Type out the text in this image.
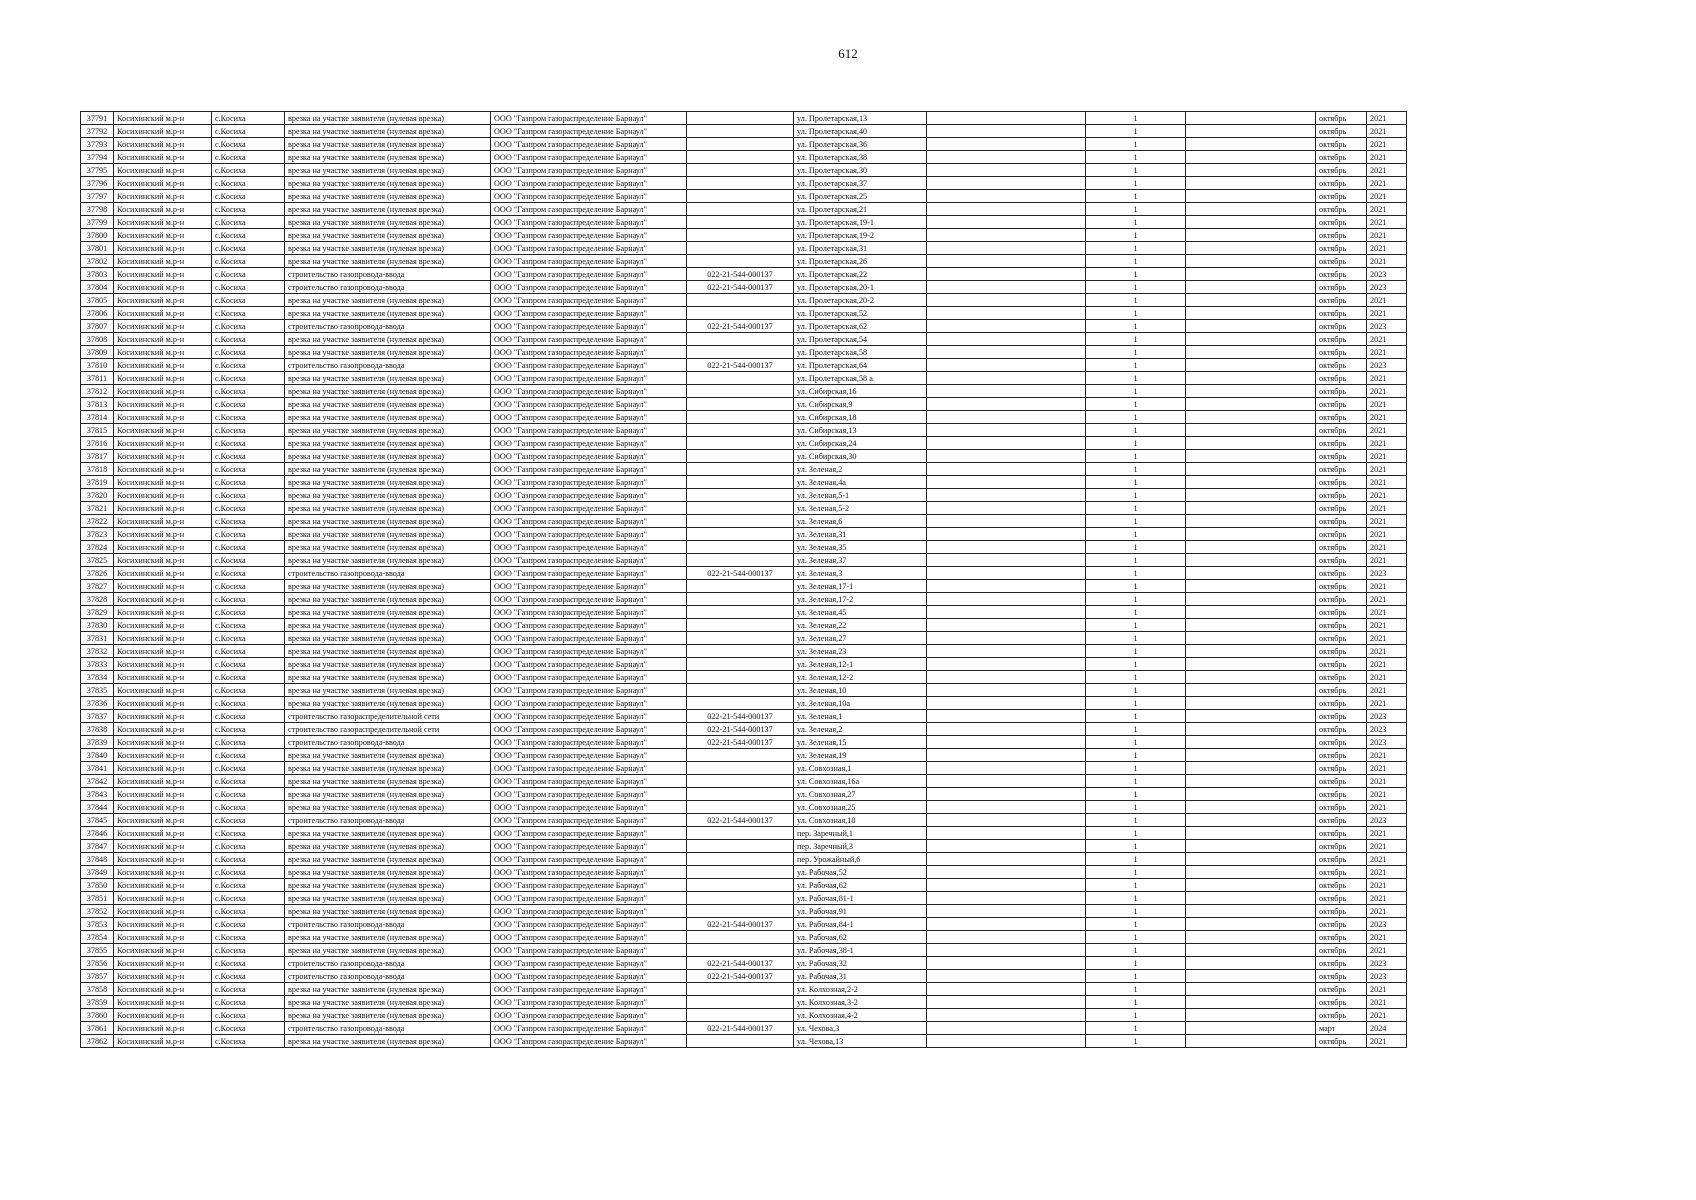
612
37791	Косихинский м.р-н	с.Косиха	врезка на участке заявителя (нулевая врезка)	ООО "Газпром газораспределение Барнаул"		ул. Пролетарская,13		1		октябрь	2021
37792	Косихинский м.р-н	с.Косиха	врезка на участке заявителя (нулевая врезка)	ООО "Газпром газораспределение Барнаул"		ул. Пролетарская,40		1		октябрь	2021
37793	Косихинский м.р-н	с.Косиха	врезка на участке заявителя (нулевая врезка)	ООО "Газпром газораспределение Барнаул"		ул. Пролетарская,36		1		октябрь	2021
37794	Косихинский м.р-н	с.Косиха	врезка на участке заявителя (нулевая врезка)	ООО "Газпром газораспределение Барнаул"		ул. Пролетарская,38		1		октябрь	2021
37795	Косихинский м.р-н	с.Косиха	врезка на участке заявителя (нулевая врезка)	ООО "Газпром газораспределение Барнаул"		ул. Пролетарская,30		1		октябрь	2021
37796	Косихинский м.р-н	с.Косиха	врезка на участке заявителя (нулевая врезка)	ООО "Газпром газораспределение Барнаул"		ул. Пролетарская,37		1		октябрь	2021
37797	Косихинский м.р-н	с.Косиха	врезка на участке заявителя (нулевая врезка)	ООО "Газпром газораспределение Барнаул"		ул. Пролетарская,25		1		октябрь	2021
37798	Косихинский м.р-н	с.Косиха	врезка на участке заявителя (нулевая врезка)	ООО "Газпром газораспределение Барнаул"		ул. Пролетарская,21		1		октябрь	2021
37799	Косихинский м.р-н	с.Косиха	врезка на участке заявителя (нулевая врезка)	ООО "Газпром газораспределение Барнаул"		ул. Пролетарская,19-1		1		октябрь	2021
37800	Косихинский м.р-н	с.Косиха	врезка на участке заявителя (нулевая врезка)	ООО "Газпром газораспределение Барнаул"		ул. Пролетарская,19-2		1		октябрь	2021
37801	Косихинский м.р-н	с.Косиха	врезка на участке заявителя (нулевая врезка)	ООО "Газпром газораспределение Барнаул"		ул. Пролетарская,31		1		октябрь	2021
37802	Косихинский м.р-н	с.Косиха	врезка на участке заявителя (нулевая врезка)	ООО "Газпром газораспределение Барнаул"		ул. Пролетарская,26		1		октябрь	2021
37803	Косихинский м.р-н	с.Косиха	строительство газопровода-ввода	ООО "Газпром газораспределение Барнаул"	022-21-544-000137	ул. Пролетарская,22		1		октябрь	2023
37804	Косихинский м.р-н	с.Косиха	строительство газопровода-ввода	ООО "Газпром газораспределение Барнаул"	022-21-544-000137	ул. Пролетарская,20-1		1		октябрь	2023
37805	Косихинский м.р-н	с.Косиха	врезка на участке заявителя (нулевая врезка)	ООО "Газпром газораспределение Барнаул"		ул. Пролетарская,20-2		1		октябрь	2021
37806	Косихинский м.р-н	с.Косиха	врезка на участке заявителя (нулевая врезка)	ООО "Газпром газораспределение Барнаул"		ул. Пролетарская,52		1		октябрь	2021
37807	Косихинский м.р-н	с.Косиха	строительство газопровода-ввода	ООО "Газпром газораспределение Барнаул"	022-21-544-000137	ул. Пролетарская,62		1		октябрь	2023
37808	Косихинский м.р-н	с.Косиха	врезка на участке заявителя (нулевая врезка)	ООО "Газпром газораспределение Барнаул"		ул. Пролетарская,54		1		октябрь	2021
37809	Косихинский м.р-н	с.Косиха	врезка на участке заявителя (нулевая врезка)	ООО "Газпром газораспределение Барнаул"		ул. Пролетарская,58		1		октябрь	2021
37810	Косихинский м.р-н	с.Косиха	строительство газопровода-ввода	ООО "Газпром газораспределение Барнаул"	022-21-544-000137	ул. Пролетарская,64		1		октябрь	2023
37811	Косихинский м.р-н	с.Косиха	врезка на участке заявителя (нулевая врезка)	ООО "Газпром газораспределение Барнаул"		ул. Пролетарская,58 а		1		октябрь	2021
37812	Косихинский м.р-н	с.Косиха	врезка на участке заявителя (нулевая врезка)	ООО "Газпром газораспределение Барнаул"		ул. Сибирская,16		1		октябрь	2021
37813	Косихинский м.р-н	с.Косиха	врезка на участке заявителя (нулевая врезка)	ООО "Газпром газораспределение Барнаул"		ул. Сибирская,9		1		октябрь	2021
37814	Косихинский м.р-н	с.Косиха	врезка на участке заявителя (нулевая врезка)	ООО "Газпром газораспределение Барнаул"		ул. Сибирская,18		1		октябрь	2021
37815	Косихинский м.р-н	с.Косиха	врезка на участке заявителя (нулевая врезка)	ООО "Газпром газораспределение Барнаул"		ул. Сибирская,13		1		октябрь	2021
37816	Косихинский м.р-н	с.Косиха	врезка на участке заявителя (нулевая врезка)	ООО "Газпром газораспределение Барнаул"		ул. Сибирская,24		1		октябрь	2021
37817	Косихинский м.р-н	с.Косиха	врезка на участке заявителя (нулевая врезка)	ООО "Газпром газораспределение Барнаул"		ул. Сибирская,30		1		октябрь	2021
37818	Косихинский м.р-н	с.Косиха	врезка на участке заявителя (нулевая врезка)	ООО "Газпром газораспределение Барнаул"		ул. Зеленая,2		1		октябрь	2021
37819	Косихинский м.р-н	с.Косиха	врезка на участке заявителя (нулевая врезка)	ООО "Газпром газораспределение Барнаул"		ул. Зеленая,4а		1		октябрь	2021
37820	Косихинский м.р-н	с.Косиха	врезка на участке заявителя (нулевая врезка)	ООО "Газпром газораспределение Барнаул"		ул. Зеленая,5-1		1		октябрь	2021
37821	Косихинский м.р-н	с.Косиха	врезка на участке заявителя (нулевая врезка)	ООО "Газпром газораспределение Барнаул"		ул. Зеленая,5-2		1		октябрь	2021
37822	Косихинский м.р-н	с.Косиха	врезка на участке заявителя (нулевая врезка)	ООО "Газпром газораспределение Барнаул"		ул. Зеленая,6		1		октябрь	2021
37823	Косихинский м.р-н	с.Косиха	врезка на участке заявителя (нулевая врезка)	ООО "Газпром газораспределение Барнаул"		ул. Зеленая,31		1		октябрь	2021
37824	Косихинский м.р-н	с.Косиха	врезка на участке заявителя (нулевая врезка)	ООО "Газпром газораспределение Барнаул"		ул. Зеленая,35		1		октябрь	2021
37825	Косихинский м.р-н	с.Косиха	врезка на участке заявителя (нулевая врезка)	ООО "Газпром газораспределение Барнаул"		ул. Зеленая,37		1		октябрь	2021
37826	Косихинский м.р-н	с.Косиха	строительство газопровода-ввода	ООО "Газпром газораспределение Барнаул"	022-21-544-000137	ул. Зеленая,3		1		октябрь	2023
37827	Косихинский м.р-н	с.Косиха	врезка на участке заявителя (нулевая врезка)	ООО "Газпром газораспределение Барнаул"		ул. Зеленая,17-1		1		октябрь	2021
37828	Косихинский м.р-н	с.Косиха	врезка на участке заявителя (нулевая врезка)	ООО "Газпром газораспределение Барнаул"		ул. Зеленая,17-2		1		октябрь	2021
37829	Косихинский м.р-н	с.Косиха	врезка на участке заявителя (нулевая врезка)	ООО "Газпром газораспределение Барнаул"		ул. Зеленая,45		1		октябрь	2021
37830	Косихинский м.р-н	с.Косиха	врезка на участке заявителя (нулевая врезка)	ООО "Газпром газораспределение Барнаул"		ул. Зеленая,22		1		октябрь	2021
37831	Косихинский м.р-н	с.Косиха	врезка на участке заявителя (нулевая врезка)	ООО "Газпром газораспределение Барнаул"		ул. Зеленая,27		1		октябрь	2021
37832	Косихинский м.р-н	с.Косиха	врезка на участке заявителя (нулевая врезка)	ООО "Газпром газораспределение Барнаул"		ул. Зеленая,23		1		октябрь	2021
37833	Косихинский м.р-н	с.Косиха	врезка на участке заявителя (нулевая врезка)	ООО "Газпром газораспределение Барнаул"		ул. Зеленая,12-1		1		октябрь	2021
37834	Косихинский м.р-н	с.Косиха	врезка на участке заявителя (нулевая врезка)	ООО "Газпром газораспределение Барнаул"		ул. Зеленая,12-2		1		октябрь	2021
37835	Косихинский м.р-н	с.Косиха	врезка на участке заявителя (нулевая врезка)	ООО "Газпром газораспределение Барнаул"		ул. Зеленая,10		1		октябрь	2021
37836	Косихинский м.р-н	с.Косиха	врезка на участке заявителя (нулевая врезка)	ООО "Газпром газораспределение Барнаул"		ул. Зеленая,10а		1		октябрь	2021
37837	Косихинский м.р-н	с.Косиха	строительство газораспределительной сети	ООО "Газпром газораспределение Барнаул"	022-21-544-000137	ул. Зеленая,1		1		октябрь	2023
37838	Косихинский м.р-н	с.Косиха	строительство газораспределительной сети	ООО "Газпром газораспределение Барнаул"	022-21-544-000137	ул. Зеленая,2		1		октябрь	2023
37839	Косихинский м.р-н	с.Косиха	строительство газопровода-ввода	ООО "Газпром газораспределение Барнаул"	022-21-544-000137	ул. Зеленая,15		1		октябрь	2023
37840	Косихинский м.р-н	с.Косиха	врезка на участке заявителя (нулевая врезка)	ООО "Газпром газораспределение Барнаул"		ул. Зеленая,19		1		октябрь	2021
37841	Косихинский м.р-н	с.Косиха	врезка на участке заявителя (нулевая врезка)	ООО "Газпром газораспределение Барнаул"		ул. Совхозная,1		1		октябрь	2021
37842	Косихинский м.р-н	с.Косиха	врезка на участке заявителя (нулевая врезка)	ООО "Газпром газораспределение Барнаул"		ул. Совхозная,16а		1		октябрь	2021
37843	Косихинский м.р-н	с.Косиха	врезка на участке заявителя (нулевая врезка)	ООО "Газпром газораспределение Барнаул"		ул. Совхозная,27		1		октябрь	2021
37844	Косихинский м.р-н	с.Косиха	врезка на участке заявителя (нулевая врезка)	ООО "Газпром газораспределение Барнаул"		ул. Совхозная,25		1		октябрь	2021
37845	Косихинский м.р-н	с.Косиха	строительство газопровода-ввода	ООО "Газпром газораспределение Барнаул"	022-21-544-000137	ул. Совхозная,10		1		октябрь	2023
37846	Косихинский м.р-н	с.Косиха	врезка на участке заявителя (нулевая врезка)	ООО "Газпром газораспределение Барнаул"		пер. Заречный,1		1		октябрь	2021
37847	Косихинский м.р-н	с.Косиха	врезка на участке заявителя (нулевая врезка)	ООО "Газпром газораспределение Барнаул"		пер. Заречный,3		1		октябрь	2021
37848	Косихинский м.р-н	с.Косиха	врезка на участке заявителя (нулевая врезка)	ООО "Газпром газораспределение Барнаул"		пер. Урожайный,6		1		октябрь	2021
37849	Косихинский м.р-н	с.Косиха	врезка на участке заявителя (нулевая врезка)	ООО "Газпром газораспределение Барнаул"		ул. Рабочая,52		1		октябрь	2021
37850	Косихинский м.р-н	с.Косиха	врезка на участке заявителя (нулевая врезка)	ООО "Газпром газораспределение Барнаул"		ул. Рабочая,62		1		октябрь	2021
37851	Косихинский м.р-н	с.Косиха	врезка на участке заявителя (нулевая врезка)	ООО "Газпром газораспределение Барнаул"		ул. Рабочая,81-1		1		октябрь	2021
37852	Косихинский м.р-н	с.Косиха	врезка на участке заявителя (нулевая врезка)	ООО "Газпром газораспределение Барнаул"		ул. Рабочая,91		1		октябрь	2021
37853	Косихинский м.р-н	с.Косиха	строительство газопровода-ввода	ООО "Газпром газораспределение Барнаул"	022-21-544-000137	ул. Рабочая,84-1		1		октябрь	2023
37854	Косихинский м.р-н	с.Косиха	врезка на участке заявителя (нулевая врезка)	ООО "Газпром газораспределение Барнаул"		ул. Рабочая,62		1		октябрь	2021
37855	Косихинский м.р-н	с.Косиха	врезка на участке заявителя (нулевая врезка)	ООО "Газпром газораспределение Барнаул"		ул. Рабочая,38-1		1		октябрь	2021
37856	Косихинский м.р-н	с.Косиха	строительство газопровода-ввода	ООО "Газпром газораспределение Барнаул"	022-21-544-000137	ул. Рабочая,32		1		октябрь	2023
37857	Косихинский м.р-н	с.Косиха	строительство газопровода-ввода	ООО "Газпром газораспределение Барнаул"	022-21-544-000137	ул. Рабочая,31		1		октябрь	2023
37858	Косихинский м.р-н	с.Косиха	врезка на участке заявителя (нулевая врезка)	ООО "Газпром газораспределение Барнаул"		ул. Колхозная,2-2		1		октябрь	2021
37859	Косихинский м.р-н	с.Косиха	врезка на участке заявителя (нулевая врезка)	ООО "Газпром газораспределение Барнаул"		ул. Колхозная,3-2		1		октябрь	2021
37860	Косихинский м.р-н	с.Косиха	врезка на участке заявителя (нулевая врезка)	ООО "Газпром газораспределение Барнаул"		ул. Колхозная,4-2		1		октябрь	2021
37861	Косихинский м.р-н	с.Косиха	строительство газопровода-ввода	ООО "Газпром газораспределение Барнаул"	022-21-544-000137	ул. Чехова,3		1		март	2024
37862	Косихинский м.р-н	с.Косиха	врезка на участке заявителя (нулевая врезка)	ООО "Газпром газораспределение Барнаул"		ул. Чехова,13		1		октябрь	2021
